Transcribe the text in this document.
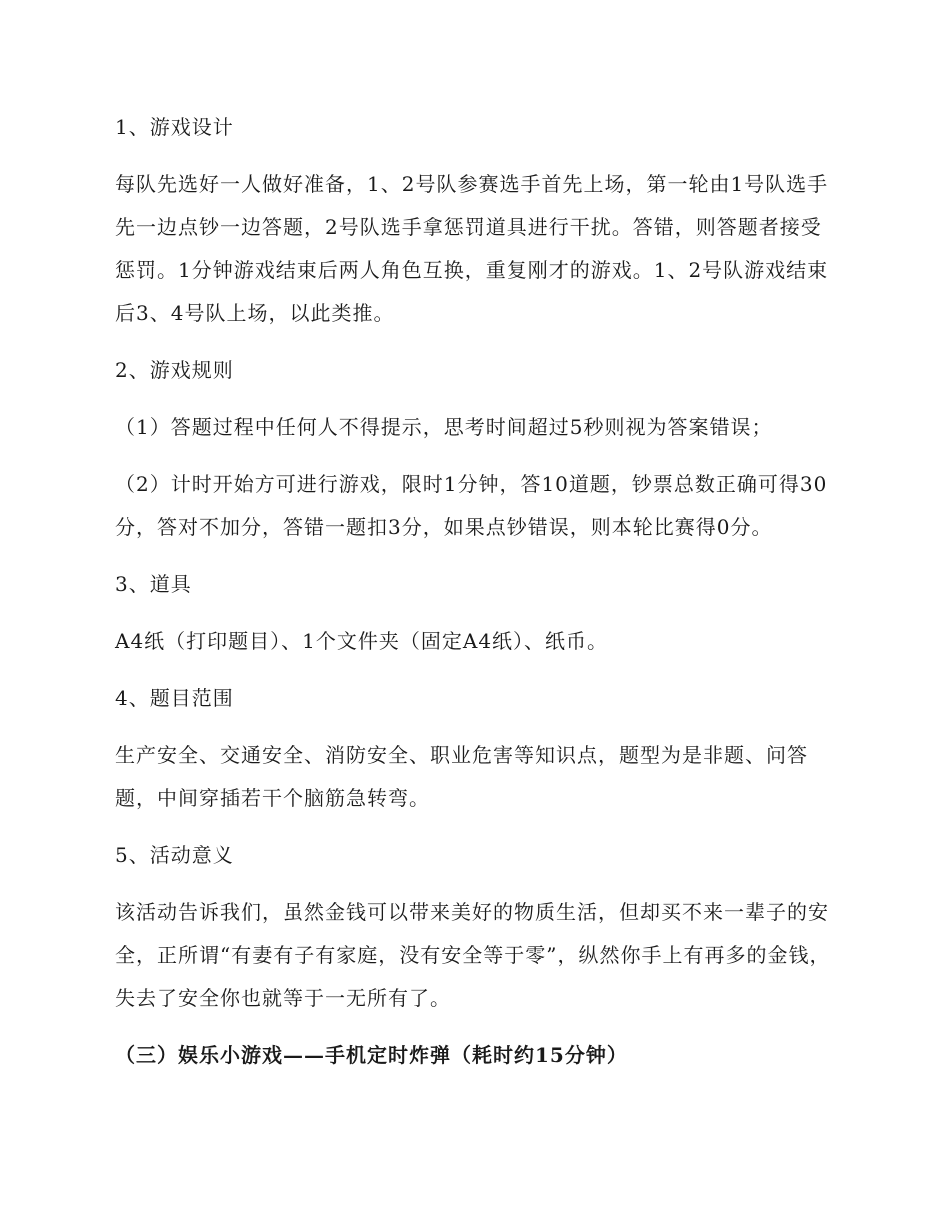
1、游戏设计
每队先选好一人做好准备，1、2号队参赛选手首先上场，第一轮由1号队选手先一边点钞一边答题，2号队选手拿惩罚道具进行干扰。答错，则答题者接受惩罚。1分钟游戏结束后两人角色互换，重复刚才的游戏。1、2号队游戏结束后3、4号队上场，以此类推。
2、游戏规则
（1）答题过程中任何人不得提示，思考时间超过5秒则视为答案错误；
（2）计时开始方可进行游戏，限时1分钟，答10道题，钞票总数正确可得30分，答对不加分，答错一题扣3分，如果点钞错误，则本轮比赛得0分。
3、道具
A4纸（打印题目）、1个文件夹（固定A4纸）、纸币。
4、题目范围
生产安全、交通安全、消防安全、职业危害等知识点，题型为是非题、问答题，中间穿插若干个脑筋急转弯。
5、活动意义
该活动告诉我们，虽然金钱可以带来美好的物质生活，但却买不来一辈子的安全，正所谓“有妻有子有家庭，没有安全等于零”，纵然你手上有再多的金钱，失去了安全你也就等于一无所有了。
（三）娱乐小游戏——手机定时炸弹（耗时约15分钟）
